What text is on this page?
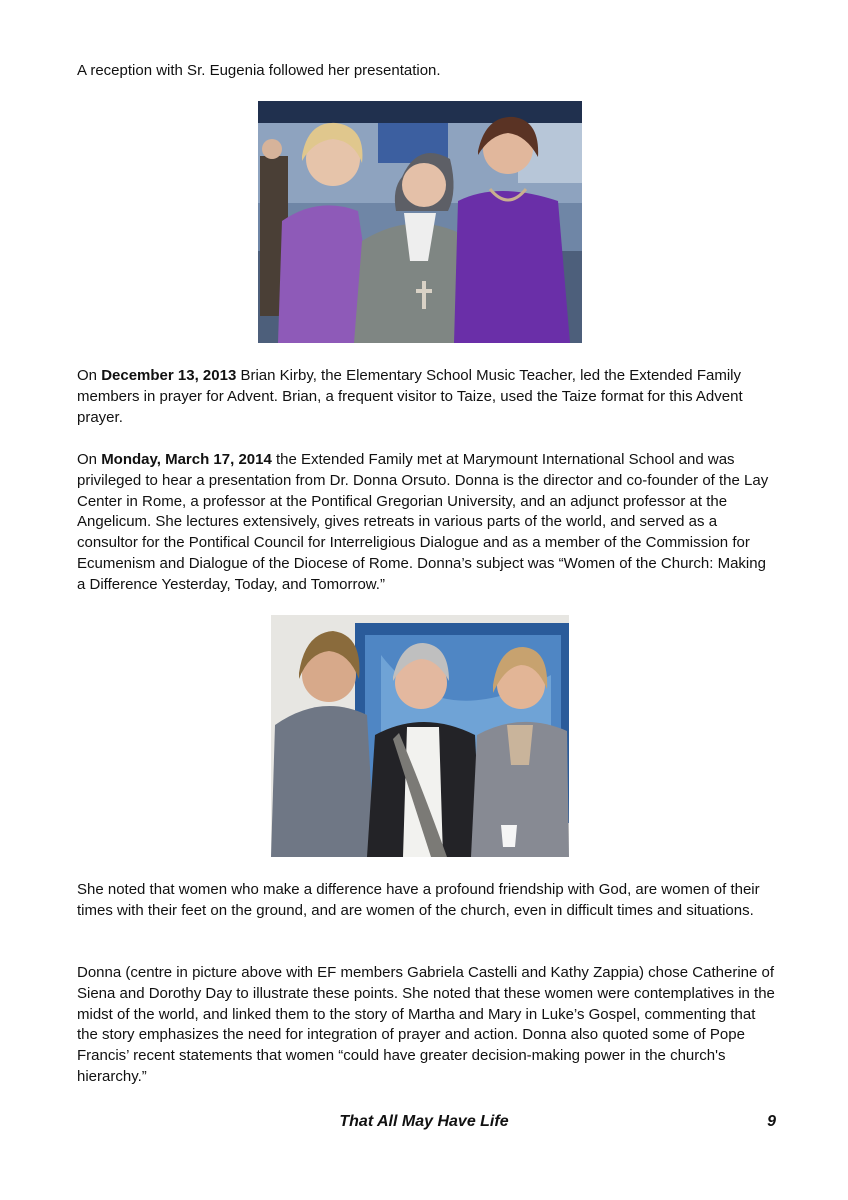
A reception with Sr. Eugenia followed her presentation.

On December 13, 2013 Brian Kirby, the Elementary School Music Teacher, led the Extended Family members in prayer for Advent. Brian, a frequent visitor to Taize, used the Taize format for this Advent prayer.

On Monday, March 17, 2014 the Extended Family met at Marymount International School and was privileged to hear a presentation from Dr. Donna Orsuto. Donna is the director and co-founder of the Lay Center in Rome, a professor at the Pontifical Gregorian University, and an adjunct professor at the Angelicum. She lectures extensively, gives retreats in various parts of the world, and served as a consultor for the Pontifical Council for Interreligious Dialogue and as a member of the Commission for Ecumenism and Dialogue of the Diocese of Rome. Donna’s subject was “Women of the Church: Making a Difference Yesterday, Today, and Tomorrow.”

She noted that women who make a difference have a profound friendship with God, are women of their times with their feet on the ground, and are women of the church, even in difficult times and situations.

Donna (centre in picture above with EF members Gabriela Castelli and Kathy Zappia) chose Catherine of Siena and Dorothy Day to illustrate these points. She noted that these women were contemplatives in the midst of the world, and linked them to the story of Martha and Mary in Luke’s Gospel, commenting that the story emphasizes the need for integration of prayer and action. Donna also quoted some of Pope Francis’ recent statements that women “could have greater decision-making power in the church's hierarchy.”

That All May Have Life	9
